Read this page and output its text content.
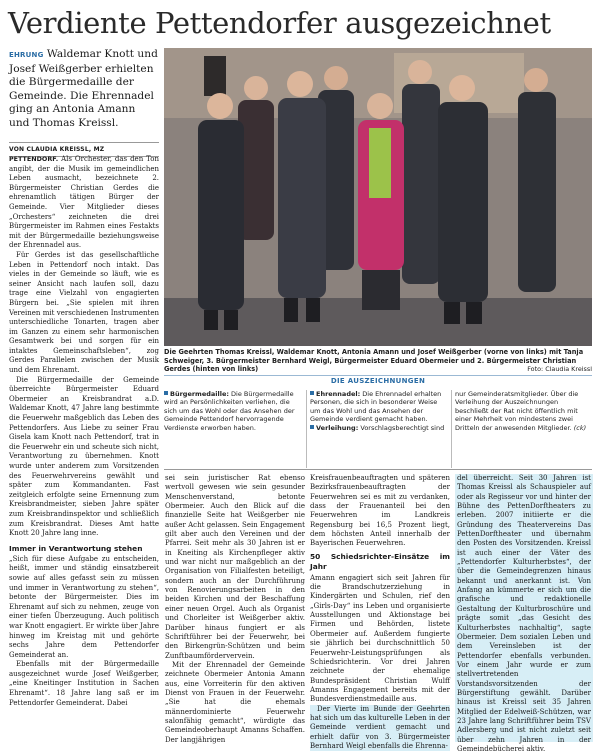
Verdiente Pettendorfer ausgezeichnet
EHRUNG Waldemar Knott und Josef Weißgerber erhielten die Bürgermedaille der Gemeinde. Die Ehrennadel ging an Antonia Amann und Thomas Kreissl.
VON CLAUDIA KREISSL, MZ

PETTENDORF. Als Orchester, das den Ton angibt, der die Musik im gemeindlichen Leben ausmacht, bezeichnete 2. Bürgermeister Christian Gerdes die ehrenamtlich tätigen Bürger der Gemeinde. Vier Mitglieder dieses „Orchesters“ zeichneten die drei Bürgermeister im Rahmen eines Festakts mit der Bürgermedaille beziehungsweise der Ehrennadel aus.

Für Gerdes ist das gesellschaftliche Leben in Pettendorf noch intakt. Das vieles in der Gemeinde so läuft, wie es seiner Ansicht nach laufen soll, dazu trage eine Vielzahl von engagierten Bürgern bei. „Sie spielen mit ihren Vereinen mit verschiedenen Instrumenten unterschiedliche Tonarten, tragen aber im Ganzen zu einem sehr harmonischen Gesamtwerk bei und sorgen für ein intaktes Gemeinschaftsleben“, zog Gerdes Parallelen zwischen der Musik und dem Ehrenamt.

Die Bürgermedaille der Gemeinde überreichte Bürgermeister Eduard Obermeier an Kreisbrandrat a.D. Waldemar Knott, 47 Jahre lang bestimmte die Feuerwehr maßgeblich das Leben des Pettendorfers. Aus Liebe zu seiner Frau Gisela kam Knott nach Pettendorf, trat in die Feuerwehr ein und scheute sich nicht, Verantwortung zu übernehmen. Knott wurde unter anderem zum Vorsitzenden des Feuerwehrvereins gewählt und später zum Kommandanten. Fast zeitgleich erfolgte seine Ernennung zum Kreisbrandmeister, sieben Jahre später zum Kreisbrandinspektor und schließlich zum Kreisbrandrat. Dieses Amt hatte Knott 20 Jahre lang inne.

Immer in Verantwortung stehen

„Sich für diese Aufgabe zu entscheiden, heißt, immer und ständig einsatzbereit sowie auf alles gefasst sein zu müssen und immer in Verantwortung zu stehen“, betonte der Bürgermeister. Dies im Ehrenamt auf sich zu nehmen, zeuge von einer tiefen Überzeugung. Auch politisch war Knott engagiert. Er wirkte über Jahre hinweg im Kreistag mit und gehörte sechs Jahre dem Pettendorfer Gemeinderat an.

Ebenfalls mit der Bürgermedaille ausgezeichnet wurde Josef Weißgerber, „eine Kneitinger Institution in Sachen Ehrenamt“. 18 Jahre lang saß er im Pettendorfer Gemeinderat. Dabei

Die Geehrten Thomas Kreissl, Waldemar Knott, Antonia Amann und Josef Weißgerber (vorne von links) mit Tanja Schweiger, 3. Bürgermeister Bernhard Weigl, Bürgermeister Eduard Obermeier und 2. Bürgermeister Christian Gerdes (hinten von links)	Foto: Claudia Kreissl
DIE AUSZEICHNUNGEN
Bürgermedaille: Die Bürgermedaille wird an Persönlichkeiten verliehen, die sich um das Wohl oder das Ansehen der Gemeinde Pettendorf hervorragende Verdienste erworben haben.
Ehrennadel: Die Ehrennadel erhalten Personen, die sich in besonderer Weise um das Wohl und das Ansehen der Gemeinde verdient gemacht haben.
Verleihung: Vorschlagsberechtigt sind
nur Gemeinderatsmitglieder. Über die Verleihung der Auszeichnungen beschließt der Rat nicht öffentlich mit einer Mehrheit von mindestens zwei Dritteln der anwesenden Mitglieder. (ck)

sei sein juristischer Rat ebenso wertvoll gewesen wie sein gesunder Menschenverstand, betonte Obermeier. Auch den Blick auf die finanzielle Seite hat Weißgerber nie außer Acht gelassen. Sein Engagement gilt aber auch den Vereinen und der Pfarrei. Seit mehr als 30 Jahren ist er in Kneiting als Kirchenpfleger aktiv und war nicht nur maßgeblich an der Organisation von Filialfesten beteiligt, sondern auch an der Durchführung von Renovierungsarbeiten in den beiden Kirchen und der Beschaffung einer neuen Orgel. Auch als Organist und Chorleiter ist Weißgerber aktiv. Darüber hinaus fungiert er als Schriftführer bei der Feuerwehr, bei den Birkengrün-Schützen und beim Zunftbaumfördervervein.

Mit der Ehrennadel der Gemeinde zeichnete Obermeier Antonia Amann aus, eine Vorreiterin für den aktiven Dienst von Frauen in der Feuerwehr. „Sie hat die ehemals männerdominierte Feuerwehr salonfähig gemacht“, würdigte das Gemeindeoberhaupt Amanns Schaffen. Der langjährigen

Kreisfrauenbeauftragten und späteren Bezirksfrauenbeauftragten der Feuerwehren sei es mit zu verdanken, dass der Frauenanteil bei den Feuerwehren im Landkreis Regensburg bei 16,5 Prozent liegt, dem höchsten Anteil innerhalb der Bayerischen Feuerwehren.

50 Schiedsrichter-Einsätze im Jahr

Amann engagiert sich seit Jahren für die Brandschutzerziehung in Kindergärten und Schulen, rief den „Girls-Day“ ins Leben und organisierte Ausstellungen und Aktionstage bei Firmen und Behörden, listete Obermeier auf. Außerdem fungierte sie jährlich bei durchschnittlich 50 Feuerwehr-Leistungsprüfungen als Schiedsrichterin. Vor drei Jahren zeichnete der ehemalige Bundespräsident Christian Wulff Amanns Engagement bereits mit der Bundesverdienstmedaille aus.

Der Vierte im Bunde der Geehrten hat sich um das kulturelle Leben in der Gemeinde verdient gemacht und erhielt dafür von 3. Bürgermeister Bernhard Weigl ebenfalls die Ehrenna-

del überreicht. Seit 30 Jahren ist Thomas Kreissl als Schauspieler auf oder als Regisseur vor und hinter der Bühne des PettenDorftheaters zu erleben. 2007 initiierte er die Gründung des Theatervereins Das PettenDorftheater und übernahm den Posten des Vorsitzenden. Kreissl ist auch einer der Väter des „Pettendorfer Kulturherbstes“, der über die Gemeindegrenzen hinaus bekannt und anerkannt ist. Von Anfang an kümmerte er sich um die grafische und redaktionelle Gestaltung der Kulturbroschüre und prägte somit „das Gesicht des Kulturherbstes nachhaltig“, sagte Obermeier. Dem sozialen Leben und dem Vereinsleben ist der Pettendorfer ebenfalls verbunden. Vor einem Jahr wurde er zum stellvertretenden Vorstandsvorsitzenden der Bürgerstiftung gewählt. Darüber hinaus ist Kreissl seit 35 Jahren Mitglied der Edelweiß-Schützen, war 23 Jahre lang Schriftführer beim TSV Adlersberg und ist nicht zuletzt seit über zehn Jahren in der Gemeindebücherei aktiv.
